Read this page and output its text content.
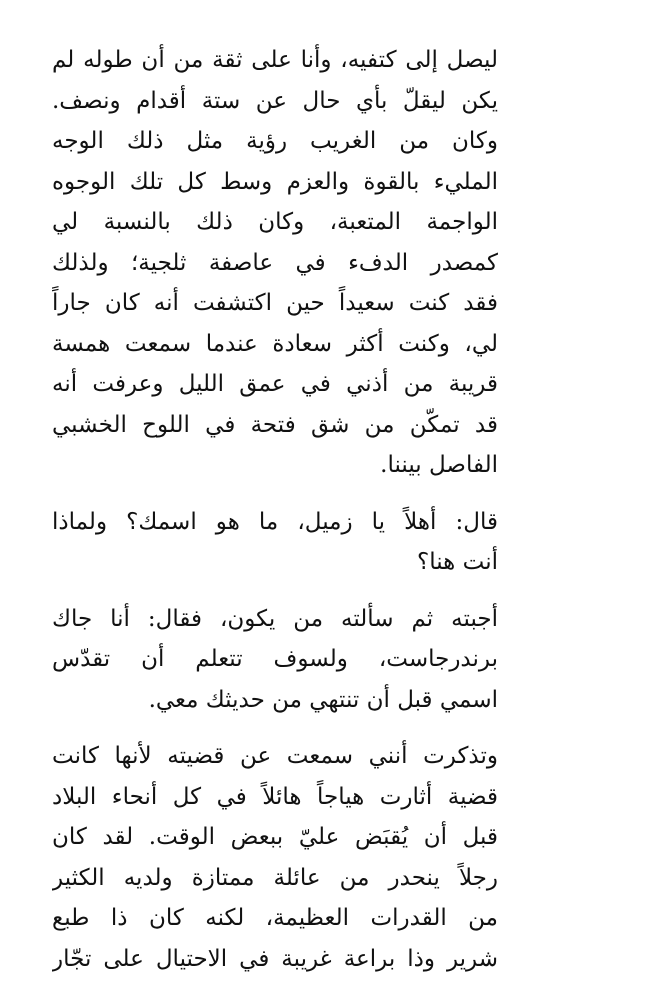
ليصل إلى كتفيه، وأنا على ثقة من أن طوله لم
يكن ليقلّ بأي حال عن ستة أقدام ونصف.
وكان من الغريب رؤية مثل ذلك الوجه
المليء بالقوة والعزم وسط كل تلك الوجوه
الواجمة المتعبة، وكان ذلك بالنسبة لي
كمصدر الدفء في عاصفة ثلجية؛ ولذلك
فقد كنت سعيداً حين اكتشفت أنه كان جاراً
لي، وكنت أكثر سعادة عندما سمعت همسة
قريبة من أذني في عمق الليل وعرفت أنه
قد تمكّن من شق فتحة في اللوح الخشبي
الفاصل بيننا.

قال: أهلاً يا زميل، ما هو اسمك؟ ولماذا
أنت هنا؟

أجبته ثم سألته من يكون، فقال: أنا جاك
برندرجاست، ولسوف تتعلم أن تقدّس
اسمي قبل أن تنتهي من حديثك معي.

وتذكرت أنني سمعت عن قضيته لأنها كانت
قضية أثارت هياجاً هائلاً في كل أنحاء البلاد
قبل أن يُقبَض عليّ ببعض الوقت. لقد كان
رجلاً ينحدر من عائلة ممتازة ولديه الكثير
من القدرات العظيمة، لكنه كان ذا طبع
شرير وذا براعة غريبة في الاحتيال على تجّار
